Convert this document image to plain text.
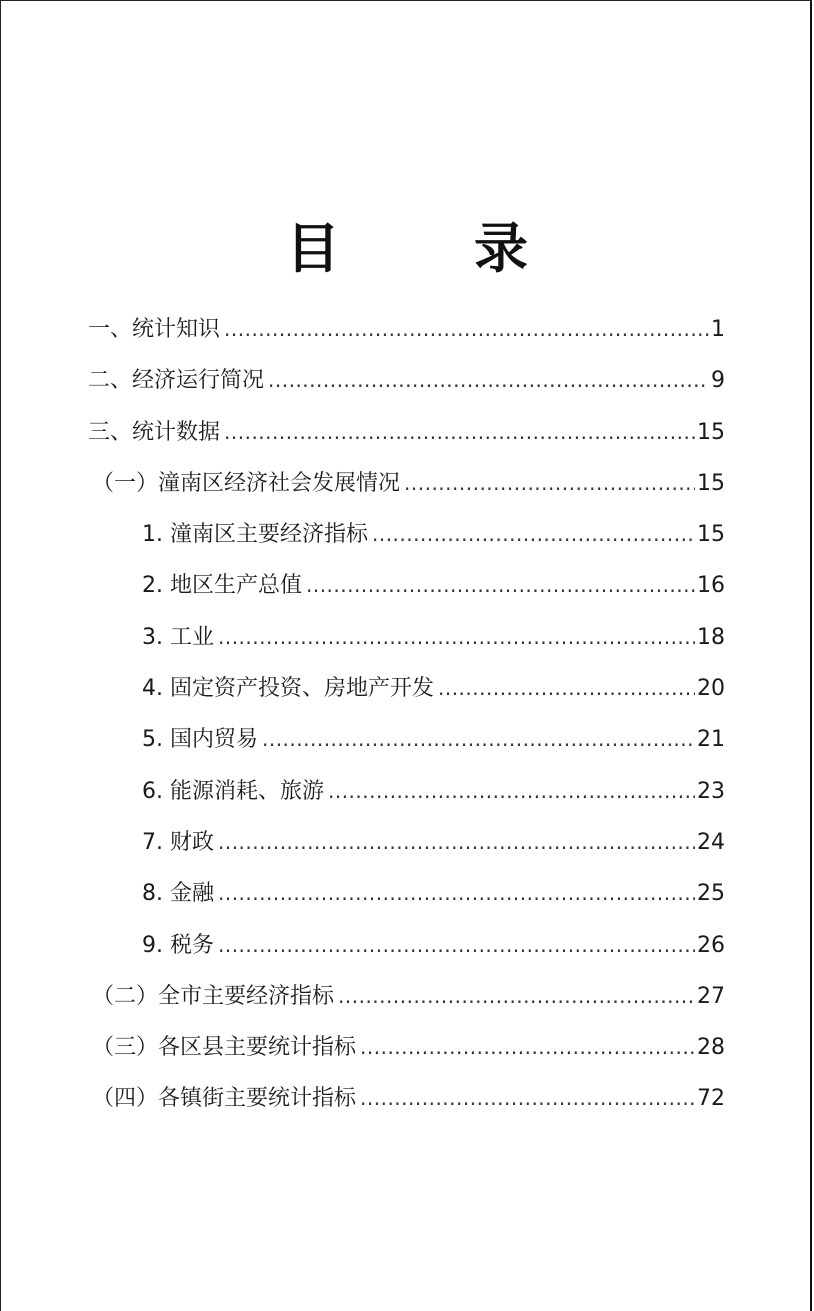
目　录
一、统计知识 .....	1
二、经济运行简况 .....	9
三、统计数据 .....	15
（一）潼南区经济社会发展情况 .....	15
1. 潼南区主要经济指标 .....	15
2. 地区生产总值 .....	16
3. 工业 .....	18
4. 固定资产投资、房地产开发 .....	20
5. 国内贸易 .....	21
6. 能源消耗、旅游 .....	23
7. 财政 .....	24
8. 金融 .....	25
9. 税务 .....	26
（二）全市主要经济指标 .....	27
（三）各区县主要统计指标 .....	28
（四）各镇街主要统计指标 .....	72
